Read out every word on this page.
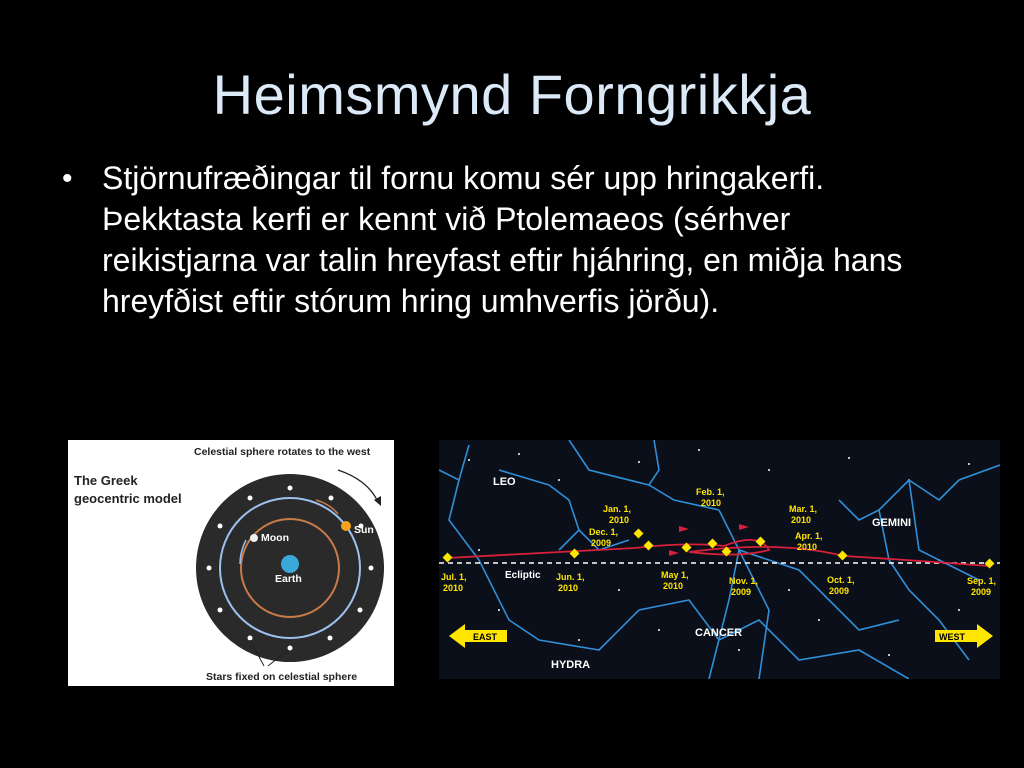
Heimsmynd Forngrikkja
• Stjörnufræðingar til fornu komu sér upp hringakerfi. Þekktasta kerfi er kennt við Ptolemaeos (sérhver reikistjarna var talin hreyfast eftir hjáhring, en miðja hans hreyfðist eftir stórum hring umhverfis jörðu).
The Greek
geocentric model
Celestial sphere rotates to the west
Stars fixed on celestial sphere
Earth
Moon
Sun
LEO
GEMINI
CANCER
HYDRA
Ecliptic
Jan. 1,
2010
Feb. 1,
2010
Mar. 1,
2010
Dec. 1,
2009
Apr. 1,
2010
Jul. 1,
2010
Jun. 1,
2010
May 1,
2010	Nov. 1,
2009
Oct. 1,
2009
Sep. 1,
2009
EAST	WEST
